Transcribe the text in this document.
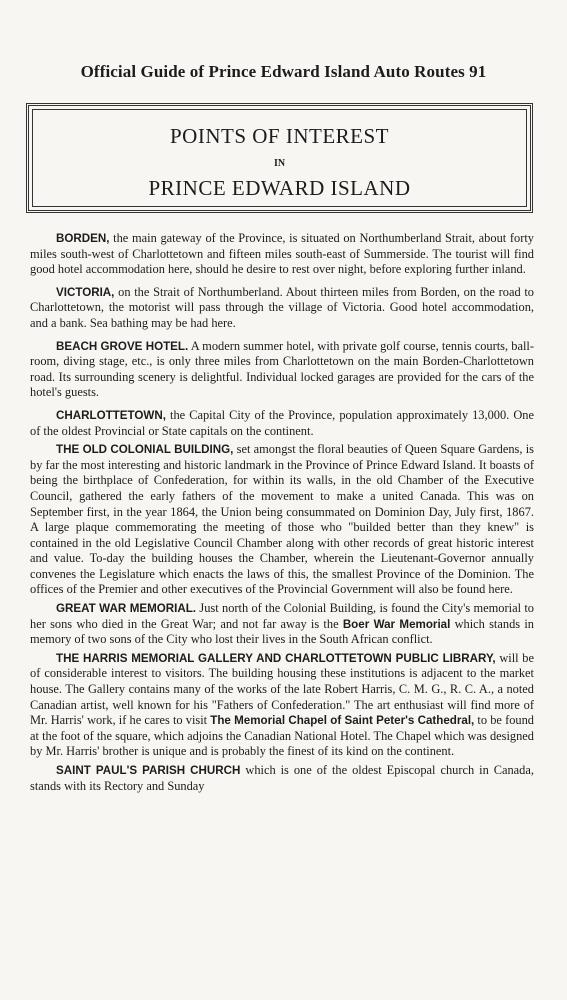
Official Guide of Prince Edward Island Auto Routes 91
POINTS OF INTEREST
IN
PRINCE EDWARD ISLAND

BORDEN, the main gateway of the Province, is situated on Northumberland Strait, about forty miles south-west of Charlottetown and fifteen miles south-east of Summerside. The tourist will find good hotel accommodation here, should he desire to rest over night, before exploring further inland.

VICTORIA, on the Strait of Northumberland. About thirteen miles from Borden, on the road to Charlottetown, the motorist will pass through the village of Victoria. Good hotel accommodation, and a bank. Sea bathing may be had here.

BEACH GROVE HOTEL. A modern summer hotel, with private golf course, tennis courts, ball-room, diving stage, etc., is only three miles from Charlottetown on the main Borden-Charlottetown road. Its surrounding scenery is delightful. Individual locked garages are provided for the cars of the hotel's guests.

CHARLOTTETOWN, the Capital City of the Province, population approximately 13,000. One of the oldest Provincial or State capitals on the continent.

THE OLD COLONIAL BUILDING, set amongst the floral beauties of Queen Square Gardens, is by far the most interesting and historic landmark in the Province of Prince Edward Island. It boasts of being the birthplace of Confederation, for within its walls, in the old Chamber of the Executive Council, gathered the early fathers of the movement to make a united Canada. This was on September first, in the year 1864, the Union being consummated on Dominion Day, July first, 1867. A large plaque commemorating the meeting of those who "builded better than they knew" is contained in the old Legislative Council Chamber along with other records of great historic interest and value. To-day the building houses the Chamber, wherein the Lieutenant-Governor annually convenes the Legislature which enacts the laws of this, the smallest Province of the Dominion. The offices of the Premier and other executives of the Provincial Government will also be found here.

GREAT WAR MEMORIAL. Just north of the Colonial Building, is found the City's memorial to her sons who died in the Great War; and not far away is the Boer War Memorial which stands in memory of two sons of the City who lost their lives in the South African conflict.

THE HARRIS MEMORIAL GALLERY AND CHARLOTTETOWN PUBLIC LIBRARY, will be of considerable interest to visitors. The building housing these institutions is adjacent to the market house. The Gallery contains many of the works of the late Robert Harris, C. M. G., R. C. A., a noted Canadian artist, well known for his "Fathers of Confederation." The art enthusiast will find more of Mr. Harris' work, if he cares to visit The Memorial Chapel of Saint Peter's Cathedral, to be found at the foot of the square, which adjoins the Canadian National Hotel. The Chapel which was designed by Mr. Harris' brother is unique and is probably the finest of its kind on the continent.

SAINT PAUL'S PARISH CHURCH which is one of the oldest Episcopal church in Canada, stands with its Rectory and Sunday
